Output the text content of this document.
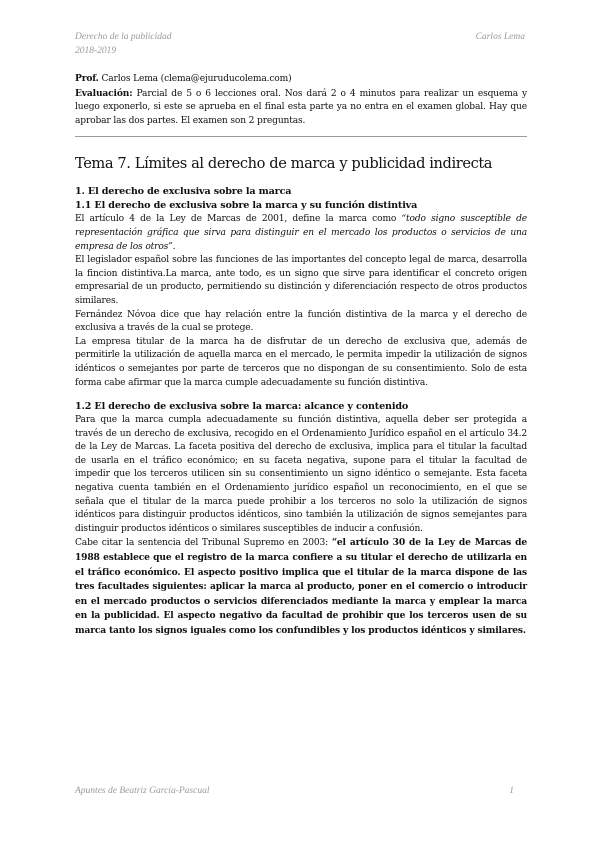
Derecho de la publicidad
2018-2019
Carlos Lema

Prof. Carlos Lema (clema@ejuruducolema.com)

Evaluación: Parcial de 5 o 6 lecciones oral. Nos dará 2 o 4 minutos para realizar un esquema y luego exponerlo, si este se aprueba en el final esta parte ya no entra en el examen global. Hay que aprobar las dos partes. El examen son 2 preguntas.

Tema 7. Límites al derecho de marca y publicidad indirecta
1. El derecho de exclusiva sobre la marca
1.1 El derecho de exclusiva sobre la marca y su función distintiva

El artículo 4 de la Ley de Marcas de 2001, define la marca como “todo signo susceptible de representación gráfica que sirva para distinguir en el mercado los productos o servicios de una empresa de los otros”.

El legislador español sobre las funciones de las importantes del concepto legal de marca, desarrolla la fincion distintiva.La marca, ante todo, es un signo que sirve para identificar el concreto origen empresarial de un producto, permitiendo su distinción y diferenciación respecto de otros productos similares.

Fernández Nóvoa dice que hay relación entre la función distintiva de la marca y el derecho de exclusiva a través de la cual se protege.

La empresa titular de la marca ha de disfrutar de un derecho de exclusiva que, además de permitirle la utilización de aquella marca en el mercado, le permita impedir la utilización de signos idénticos o semejantes por parte de terceros que no dispongan de su consentimiento. Solo de esta forma cabe afirmar que la marca cumple adecuadamente su función distintiva.

1.2 El derecho de exclusiva sobre la marca: alcance y contenido

Para que la marca cumpla adecuadamente su función distintiva, aquella deber ser protegida a través de un derecho de exclusiva, recogido en el Ordenamiento Jurídico español en el artículo 34.2 de la Ley de Marcas. La faceta positiva del derecho de exclusiva, implica para el titular la facultad de usarla en el tráfico económico; en su faceta negativa, supone para el titular la facultad de impedir que los terceros utilicen sin su consentimiento un signo idéntico o semejante. Esta faceta negativa cuenta también en el Ordenamiento jurídico español un reconocimiento, en el que se señala que el titular de la marca puede prohibir a los terceros no solo la utilización de signos idénticos para distinguir productos idénticos, sino también la utilización de signos semejantes para distinguir productos idénticos o similares susceptibles de inducir a confusión.

Cabe citar la sentencia del Tribunal Supremo en 2003: “el artículo 30 de la Ley de Marcas de 1988 establece que el registro de la marca confiere a su titular el derecho de utilizarla en el tráfico económico. El aspecto positivo implica que el titular de la marca dispone de las tres facultades siguientes: aplicar la marca al producto, poner en el comercio o introducir en el mercado productos o servicios diferenciados mediante la marca y emplear la marca en la publicidad. El aspecto negativo da facultad de prohibir que los terceros usen de su marca tanto los signos iguales como los confundibles y los productos idénticos y similares.

Apuntes de Beatriz García-Pascual	1
